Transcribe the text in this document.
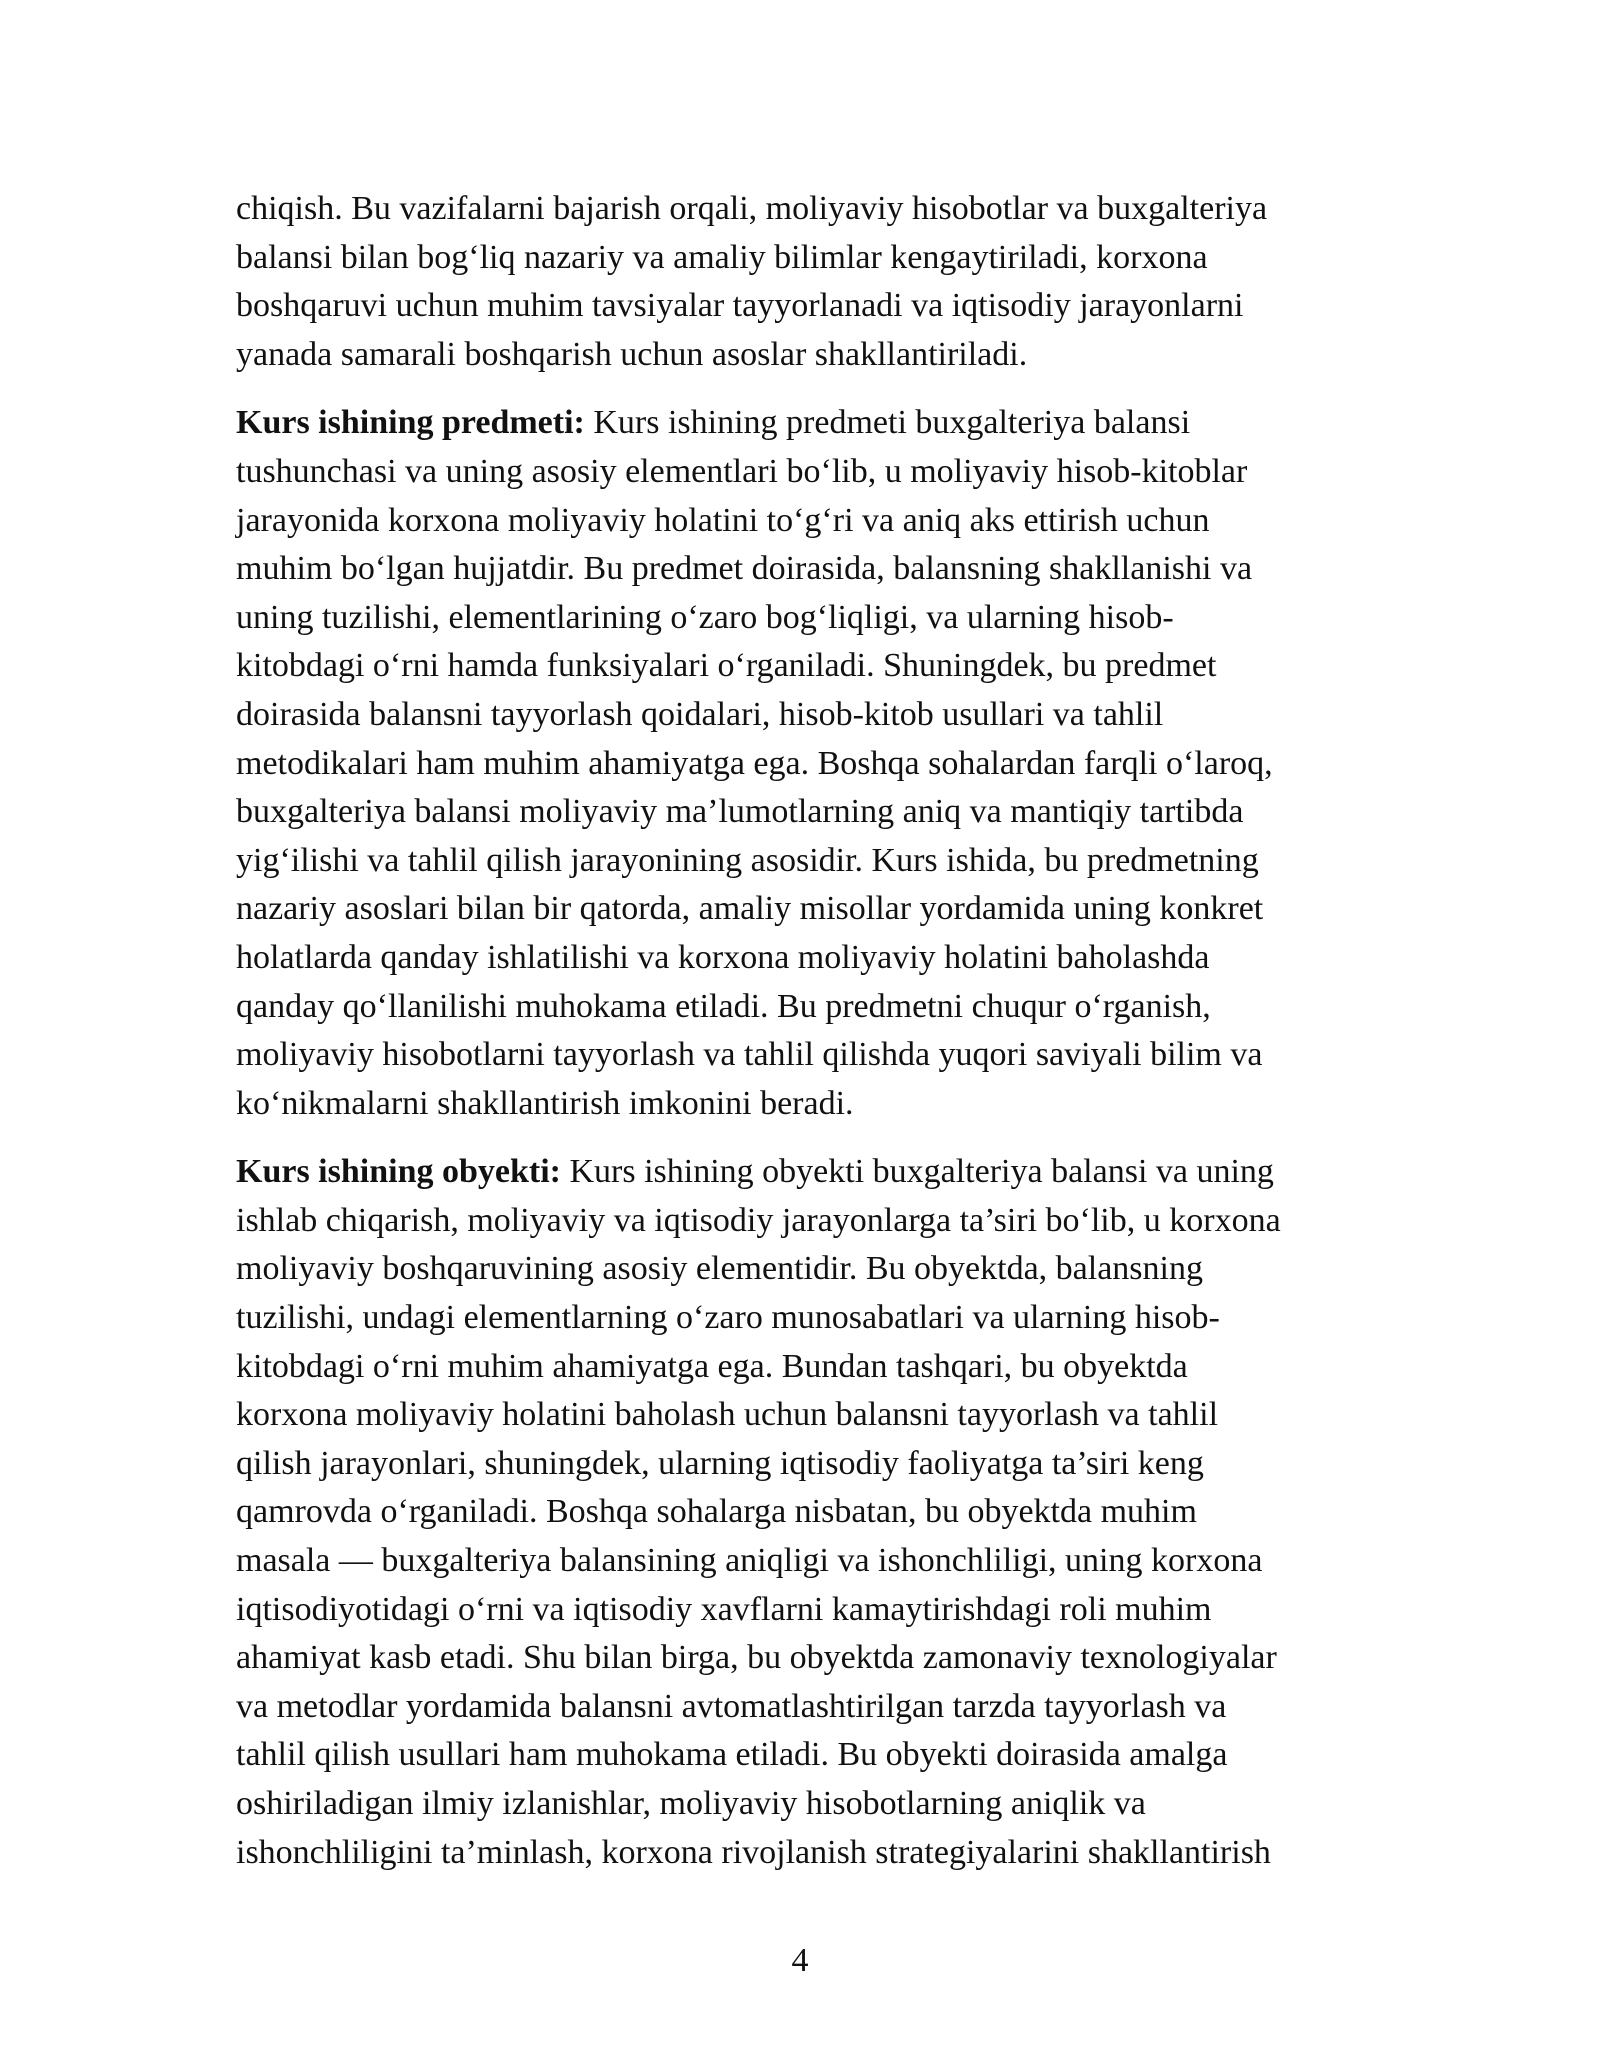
chiqish. Bu vazifalarni bajarish orqali, moliyaviy hisobotlar va buxgalteriya
balansi bilan bog‘liq nazariy va amaliy bilimlar kengaytiriladi, korxona
boshqaruvi uchun muhim tavsiyalar tayyorlanadi va iqtisodiy jarayonlarni
yanada samarali boshqarish uchun asoslar shakllantiriladi.

Kurs ishining predmeti: Kurs ishining predmeti buxgalteriya balansi
tushunchasi va uning asosiy elementlari bo‘lib, u moliyaviy hisob-kitoblar
jarayonida korxona moliyaviy holatini to‘g‘ri va aniq aks ettirish uchun
muhim bo‘lgan hujjatdir. Bu predmet doirasida, balansning shakllanishi va
uning tuzilishi, elementlarining o‘zaro bog‘liqligi, va ularning hisob-
kitobdagi o‘rni hamda funksiyalari o‘rganiladi. Shuningdek, bu predmet
doirasida balansni tayyorlash qoidalari, hisob-kitob usullari va tahlil
metodikalari ham muhim ahamiyatga ega. Boshqa sohalardan farqli o‘laroq,
buxgalteriya balansi moliyaviy ma’lumotlarning aniq va mantiqiy tartibda
yig‘ilishi va tahlil qilish jarayonining asosidir. Kurs ishida, bu predmetning
nazariy asoslari bilan bir qatorda, amaliy misollar yordamida uning konkret
holatlarda qanday ishlatilishi va korxona moliyaviy holatini baholashda
qanday qo‘llanilishi muhokama etiladi. Bu predmetni chuqur o‘rganish,
moliyaviy hisobotlarni tayyorlash va tahlil qilishda yuqori saviyali bilim va
ko‘nikmalarni shakllantirish imkonini beradi.

Kurs ishining obyekti: Kurs ishining obyekti buxgalteriya balansi va uning
ishlab chiqarish, moliyaviy va iqtisodiy jarayonlarga ta’siri bo‘lib, u korxona
moliyaviy boshqaruvining asosiy elementidir. Bu obyektda, balansning
tuzilishi, undagi elementlarning o‘zaro munosabatlari va ularning hisob-
kitobdagi o‘rni muhim ahamiyatga ega. Bundan tashqari, bu obyektda
korxona moliyaviy holatini baholash uchun balansni tayyorlash va tahlil
qilish jarayonlari, shuningdek, ularning iqtisodiy faoliyatga ta’siri keng
qamrovda o‘rganiladi. Boshqa sohalarga nisbatan, bu obyektda muhim
masala — buxgalteriya balansining aniqligi va ishonchliligi, uning korxona
iqtisodiyotidagi o‘rni va iqtisodiy xavflarni kamaytirishdagi roli muhim
ahamiyat kasb etadi. Shu bilan birga, bu obyektda zamonaviy texnologiyalar
va metodlar yordamida balansni avtomatlashtirilgan tarzda tayyorlash va
tahlil qilish usullari ham muhokama etiladi. Bu obyekti doirasida amalga
oshiriladigan ilmiy izlanishlar, moliyaviy hisobotlarning aniqlik va
ishonchliligini ta’minlash, korxona rivojlanish strategiyalarini shakllantirish

4
